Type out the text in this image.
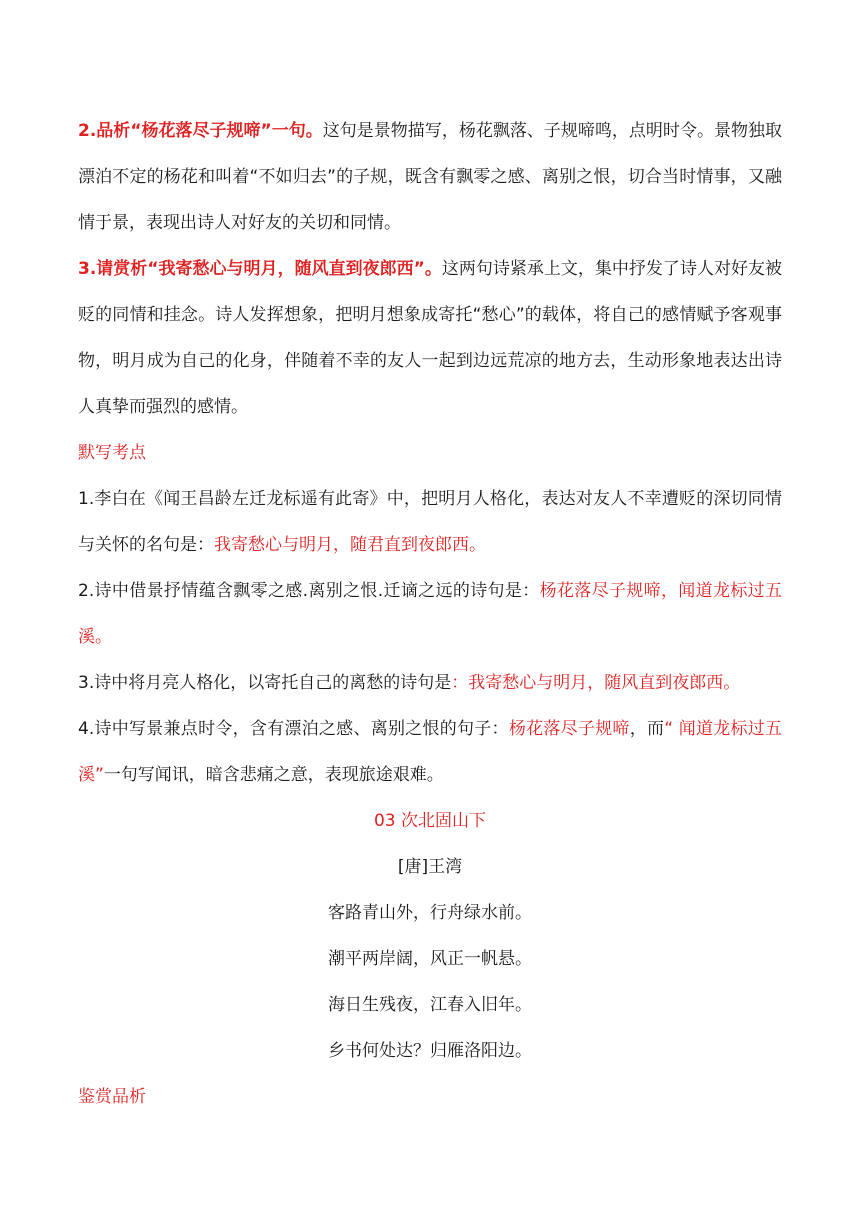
2.品析“杨花落尽子规啼”一句。这句是景物描写，杨花飘落、子规啼鸣，点明时令。景物独取漂泊不定的杨花和叫着“不如归去”的子规，既含有飘零之感、离别之恨，切合当时情事，又融情于景，表现出诗人对好友的关切和同情。

3.请赏析“我寄愁心与明月，随风直到夜郎西”。这两句诗紧承上文，集中抒发了诗人对好友被贬的同情和挂念。诗人发挥想象，把明月想象成寄托“愁心”的载体，将自己的感情赋予客观事物，明月成为自己的化身，伴随着不幸的友人一起到边远荒凉的地方去，生动形象地表达出诗人真挚而强烈的感情。

默写考点

1.李白在《闻王昌龄左迁龙标遥有此寄》中，把明月人格化，表达对友人不幸遭贬的深切同情与关怀的名句是：我寄愁心与明月，随君直到夜郎西。

2.诗中借景抒情蕴含飘零之感.离别之恨.迁谪之远的诗句是：杨花落尽子规啼，闻道龙标过五溪。

3.诗中将月亮人格化，以寄托自己的离愁的诗句是：我寄愁心与明月，随风直到夜郎西。

4.诗中写景兼点时令，含有漂泊之感、离别之恨的句子：杨花落尽子规啼，而“ 闻道龙标过五溪”一句写闻讯，暗含悲痛之意，表现旅途艰难。

03 次北固山下

[唐]王湾

客路青山外，行舟绿水前。

潮平两岸阔，风正一帆悬。

海日生残夜，江春入旧年。

乡书何处达？归雁洛阳边。

鉴赏品析
